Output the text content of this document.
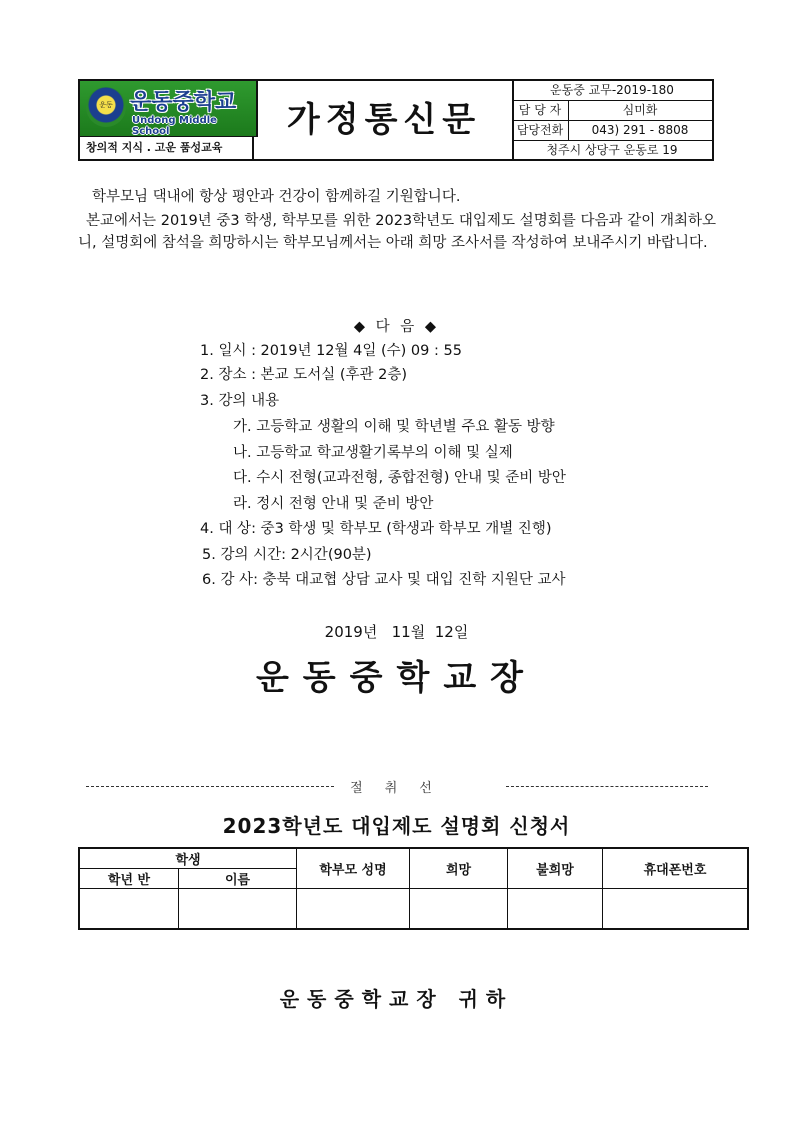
운동 운동중학교
Undong Middle School
창의적 지식 . 고운 품성교육
가정통신문
운동중 교무-2019-180
담 당 자	심미화
담당전화	043) 291 - 8808
청주시 상당구 운동로 19
학부모님 댁내에 항상 평안과 건강이 함께하길 기원합니다.
본교에서는 2019년 중3 학생, 학부모를 위한 2023학년도 대입제도 설명회를 다음과 같이 개최하오니, 설명회에 참석을 희망하시는 학부모님께서는 아래 희망 조사서를 작성하여 보내주시기 바랍니다.
◆ 다 음 ◆
1. 일시 : 2019년 12월 4일 (수) 09 : 55
2. 장소 : 본교 도서실 (후관 2층)
3. 강의 내용
가. 고등학교 생활의 이해 및 학년별 주요 활동 방향
나. 고등학교 학교생활기록부의 이해 및 실제
다. 수시 전형(교과전형, 종합전형) 안내 및 준비 방안
라. 정시 전형 안내 및 준비 방안
4. 대 상: 중3 학생 및 학부모 (학생과 학부모 개별 진행)
5. 강의 시간: 2시간(90분)
6. 강 사: 충북 대교협 상담 교사 및 대입 진학 지원단 교사
2019년   11월  12일
운동중학교장
절취선
2023학년도 대입제도 설명회 신청서
학생		학부모 성명	희망	불희망	휴대폰번호
학년 반	이름				

운동중학교장 귀하
